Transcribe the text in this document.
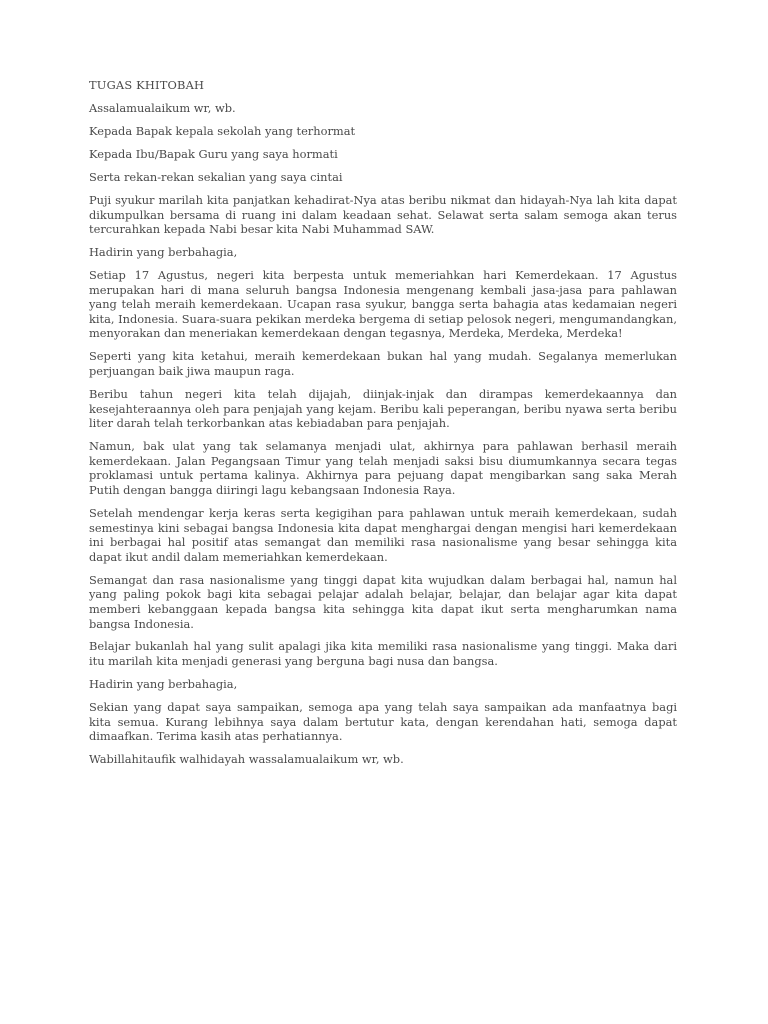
TUGAS KHITOBAH

Assalamualaikum wr, wb.

Kepada Bapak kepala sekolah yang terhormat

Kepada Ibu/Bapak Guru yang saya hormati

Serta rekan-rekan sekalian yang saya cintai

Puji syukur marilah kita panjatkan kehadirat-Nya atas beribu nikmat dan hidayah-Nya lah kita dapat dikumpulkan bersama di ruang ini dalam keadaan sehat. Selawat serta salam semoga akan terus tercurahkan kepada Nabi besar kita Nabi Muhammad SAW.

Hadirin yang berbahagia,

Setiap 17 Agustus, negeri kita berpesta untuk memeriahkan hari Kemerdekaan. 17 Agustus merupakan hari di mana seluruh bangsa Indonesia mengenang kembali jasa-jasa para pahlawan yang telah meraih kemerdekaan. Ucapan rasa syukur, bangga serta bahagia atas kedamaian negeri kita, Indonesia. Suara-suara pekikan merdeka bergema di setiap pelosok negeri, mengumandangkan, menyorakan dan meneriakan kemerdekaan dengan tegasnya, Merdeka, Merdeka, Merdeka!

Seperti yang kita ketahui, meraih kemerdekaan bukan hal yang mudah. Segalanya memerlukan perjuangan baik jiwa maupun raga.

Beribu tahun negeri kita telah dijajah, diinjak-injak dan dirampas kemerdekaannya dan kesejahteraannya oleh para penjajah yang kejam. Beribu kali peperangan, beribu nyawa serta beribu liter darah telah terkorbankan atas kebiadaban para penjajah.

Namun, bak ulat yang tak selamanya menjadi ulat, akhirnya para pahlawan berhasil meraih kemerdekaan. Jalan Pegangsaan Timur yang telah menjadi saksi bisu diumumkannya secara tegas proklamasi untuk pertama kalinya. Akhirnya para pejuang dapat mengibarkan sang saka Merah Putih dengan bangga diiringi lagu kebangsaan Indonesia Raya.

Setelah mendengar kerja keras serta kegigihan para pahlawan untuk meraih kemerdekaan, sudah semestinya kini sebagai bangsa Indonesia kita dapat menghargai dengan mengisi hari kemerdekaan ini berbagai hal positif atas semangat dan memiliki rasa nasionalisme yang besar sehingga kita dapat ikut andil dalam memeriahkan kemerdekaan.

Semangat dan rasa nasionalisme yang tinggi dapat kita wujudkan dalam berbagai hal, namun hal yang paling pokok bagi kita sebagai pelajar adalah belajar, belajar, dan belajar agar kita dapat memberi kebanggaan kepada bangsa kita sehingga kita dapat ikut serta mengharumkan nama bangsa Indonesia.

Belajar bukanlah hal yang sulit apalagi jika kita memiliki rasa nasionalisme yang tinggi. Maka dari itu marilah kita menjadi generasi yang berguna bagi nusa dan bangsa.

Hadirin yang berbahagia,

Sekian yang dapat saya sampaikan, semoga apa yang telah saya sampaikan ada manfaatnya bagi kita semua. Kurang lebihnya saya dalam bertutur kata, dengan kerendahan hati, semoga dapat dimaafkan. Terima kasih atas perhatiannya.

Wabillahitaufik walhidayah wassalamualaikum wr, wb.
